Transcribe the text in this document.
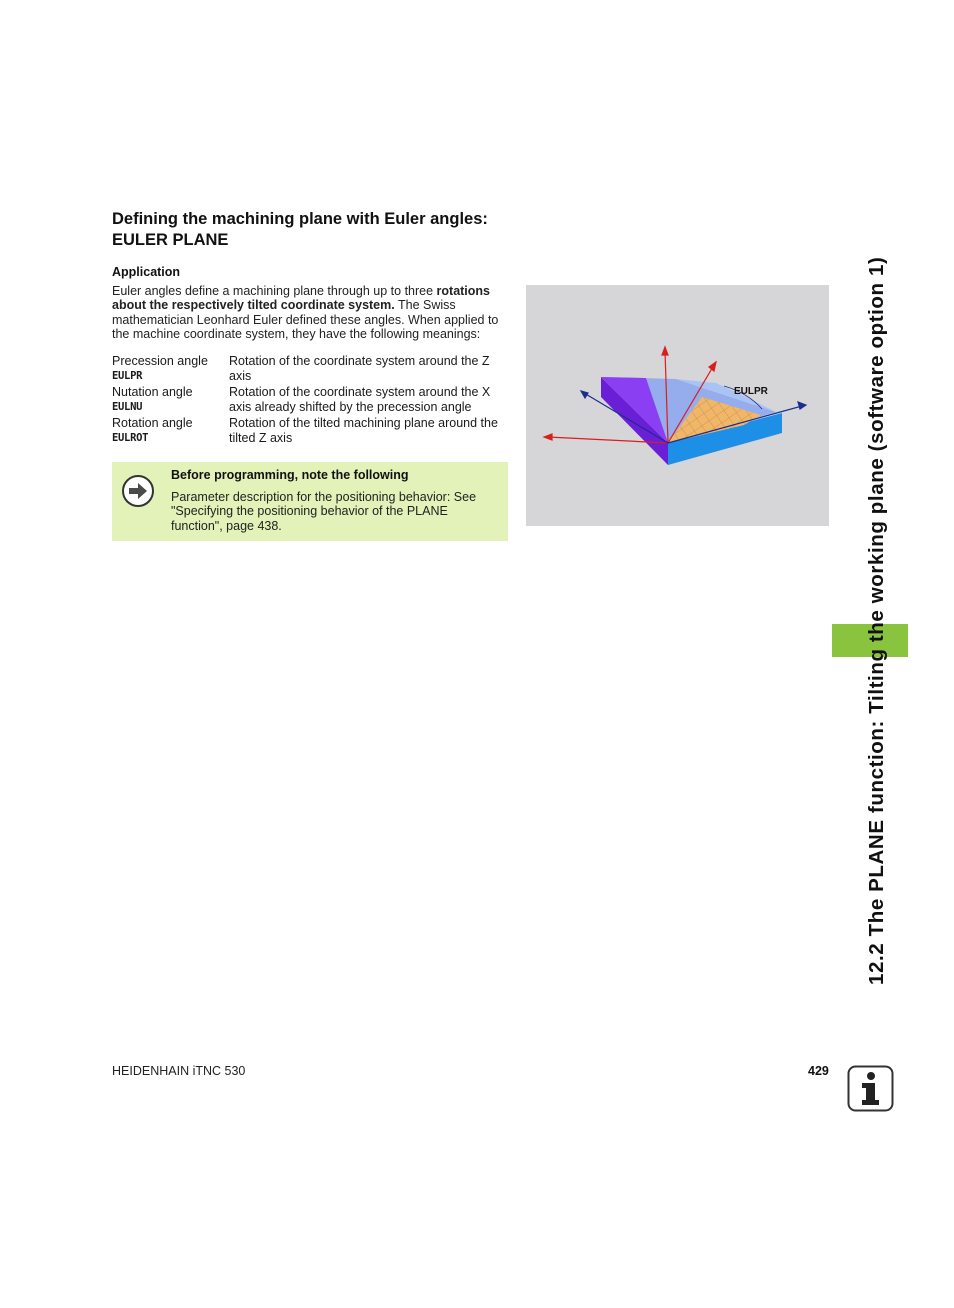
Defining the machining plane with Euler angles:
EULER PLANE
Application
Euler angles define a machining plane through up to three rotations about the respectively tilted coordinate system. The Swiss mathematician Leonhard Euler defined these angles. When applied to the machine coordinate system, they have the following meanings:
Precession angle
EULPR
Rotation of the coordinate system around the Z axis
Nutation angle
EULNU
Rotation of the coordinate system around the X axis already shifted by the precession angle
Rotation angle
EULROT
Rotation of the tilted machining plane around the tilted Z axis
Before programming, note the following
Parameter description for the positioning behavior: See "Specifying the positioning behavior of the PLANE function", page 438.
EULPR	12.2 The PLANE function: Tilting the working plane (software option 1)
HEIDENHAIN iTNC 530	429
